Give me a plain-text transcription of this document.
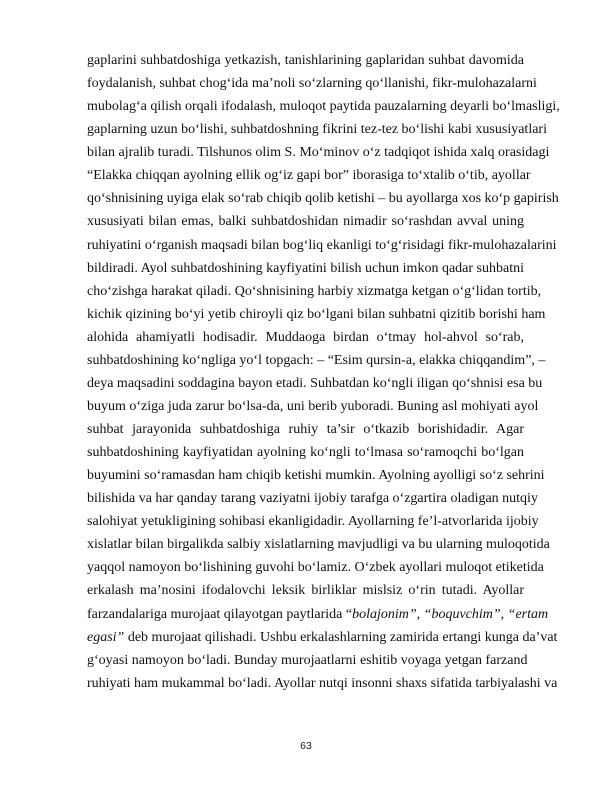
gaplarini suhbatdoshiga yetkazish, tanishlarining gaplaridan suhbat davomida
foydalanish, suhbat chog‘ida ma’noli so‘zlarning qo‘llanishi, fikr-mulohazalarni
mubolag‘a qilish orqali ifodalash, muloqot paytida pauzalarning deyarli bo‘lmasligi,
gaplarning uzun bo‘lishi, suhbatdoshning fikrini tez-tez bo‘lishi kabi xususiyatlari
bilan ajralib turadi. Tilshunos olim S. Mo‘minov o‘z tadqiqot ishida xalq orasidagi
“Elakka chiqqan ayolning ellik og‘iz gapi bor” iborasiga to‘xtalib o‘tib, ayollar
qo‘shnisining uyiga elak so‘rab chiqib qolib ketishi – bu ayollarga xos ko‘p gapirish
xususiyati bilan emas, balki suhbatdoshidan nimadir so‘rashdan avval uning
ruhiyatini o‘rganish maqsadi bilan bog‘liq ekanligi to‘g‘risidagi fikr-mulohazalarini
bildiradi. Ayol suhbatdoshining kayfiyatini bilish uchun imkon qadar suhbatni
cho‘zishga harakat qiladi. Qo‘shnisining harbiy xizmatga ketgan o‘g‘lidan tortib,
kichik qizining bo‘yi yetib chiroyli qiz bo‘lgani bilan suhbatni qizitib borishi ham
alohida ahamiyatli hodisadir. Muddaoga birdan o‘tmay hol-ahvol so‘rab,
suhbatdoshining ko‘ngliga yo‘l topgach: – “Esim qursin-a, elakka chiqqandim”, –
deya maqsadini soddagina bayon etadi. Suhbatdan ko‘ngli iligan qo‘shnisi esa bu
buyum o‘ziga juda zarur bo‘lsa-da, uni berib yuboradi. Buning asl mohiyati ayol
suhbat jarayonida suhbatdoshiga ruhiy ta’sir o‘tkazib borishidadir. Agar
suhbatdoshining kayfiyatidan ayolning ko‘ngli to‘lmasa so‘ramoqchi bo‘lgan
buyumini so‘ramasdan ham chiqib ketishi mumkin. Ayolning ayolligi so‘z sehrini
bilishida va har qanday tarang vaziyatni ijobiy tarafga o‘zgartira oladigan nutqiy
salohiyat yetukligining sohibasi ekanligidadir. Ayollarning fe’l-atvorlarida ijobiy
xislatlar bilan birgalikda salbiy xislatlarning mavjudligi va bu ularning muloqotida
yaqqol namoyon bo‘lishining guvohi bo‘lamiz. O‘zbek ayollari muloqot etiketida
erkalash ma’nosini ifodalovchi leksik birliklar mislsiz o‘rin tutadi. Ayollar
farzandalariga murojaat qilayotgan paytlarida “bolajonim”, “boquvchim”, “ertam
egasi” deb murojaat qilishadi. Ushbu erkalashlarning zamirida ertangi kunga da’vat
g‘oyasi namoyon bo‘ladi. Bunday murojaatlarni eshitib voyaga yetgan farzand
ruhiyati ham mukammal bo‘ladi. Ayollar nutqi insonni shaxs sifatida tarbiyalashi va
63
